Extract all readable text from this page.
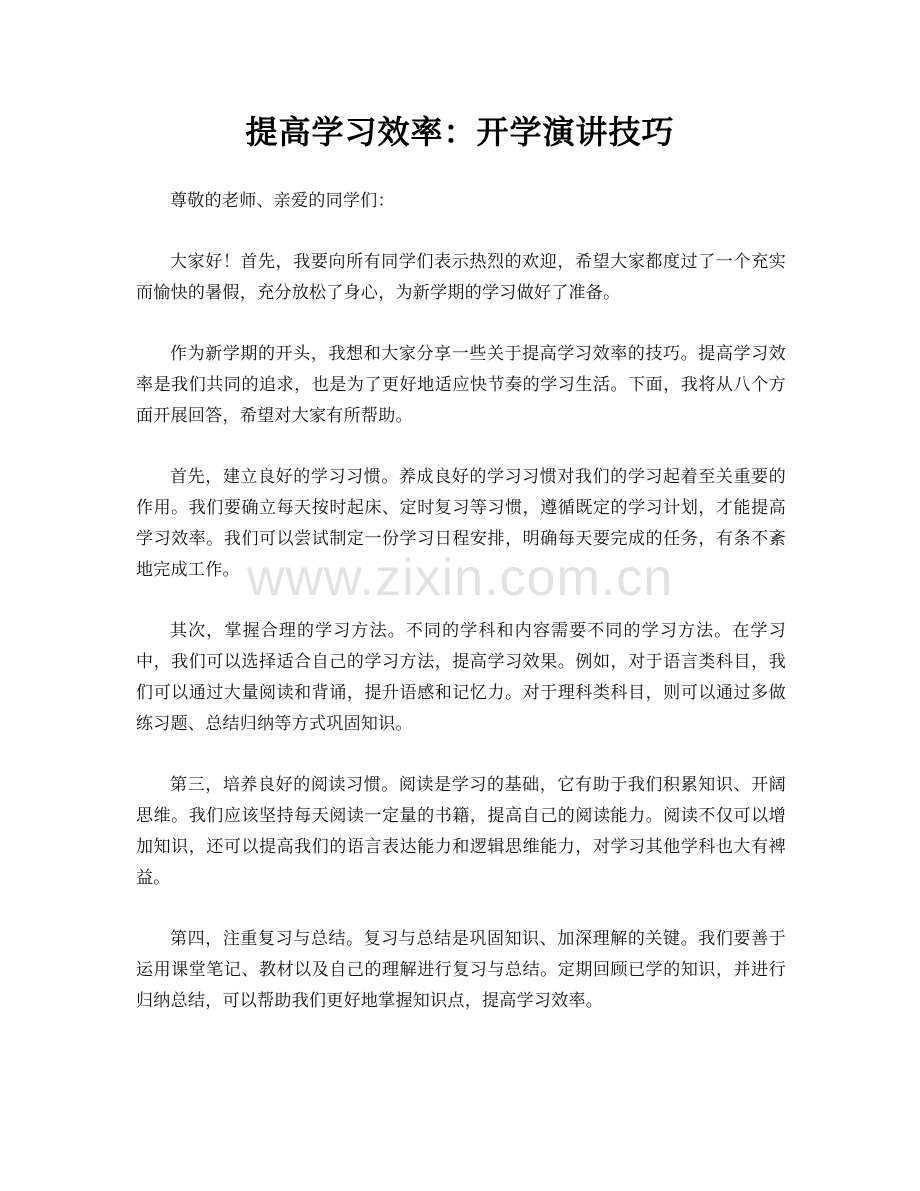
提高学习效率：开学演讲技巧

尊敬的老师、亲爱的同学们：

大家好！首先，我要向所有同学们表示热烈的欢迎，希望大家都度过了一个充实而愉快的暑假，充分放松了身心，为新学期的学习做好了准备。

作为新学期的开头，我想和大家分享一些关于提高学习效率的技巧。提高学习效率是我们共同的追求，也是为了更好地适应快节奏的学习生活。下面，我将从八个方面开展回答，希望对大家有所帮助。

首先，建立良好的学习习惯。养成良好的学习习惯对我们的学习起着至关重要的作用。我们要确立每天按时起床、定时复习等习惯，遵循既定的学习计划，才能提高学习效率。我们可以尝试制定一份学习日程安排，明确每天要完成的任务，有条不紊地完成工作。

其次，掌握合理的学习方法。不同的学科和内容需要不同的学习方法。在学习中，我们可以选择适合自己的学习方法，提高学习效果。例如，对于语言类科目，我们可以通过大量阅读和背诵，提升语感和记忆力。对于理科类科目，则可以通过多做练习题、总结归纳等方式巩固知识。

第三，培养良好的阅读习惯。阅读是学习的基础，它有助于我们积累知识、开阔思维。我们应该坚持每天阅读一定量的书籍，提高自己的阅读能力。阅读不仅可以增加知识，还可以提高我们的语言表达能力和逻辑思维能力，对学习其他学科也大有裨益。

第四，注重复习与总结。复习与总结是巩固知识、加深理解的关键。我们要善于运用课堂笔记、教材以及自己的理解进行复习与总结。定期回顾已学的知识，并进行归纳总结，可以帮助我们更好地掌握知识点，提高学习效率。

www.zixin.com.cn
